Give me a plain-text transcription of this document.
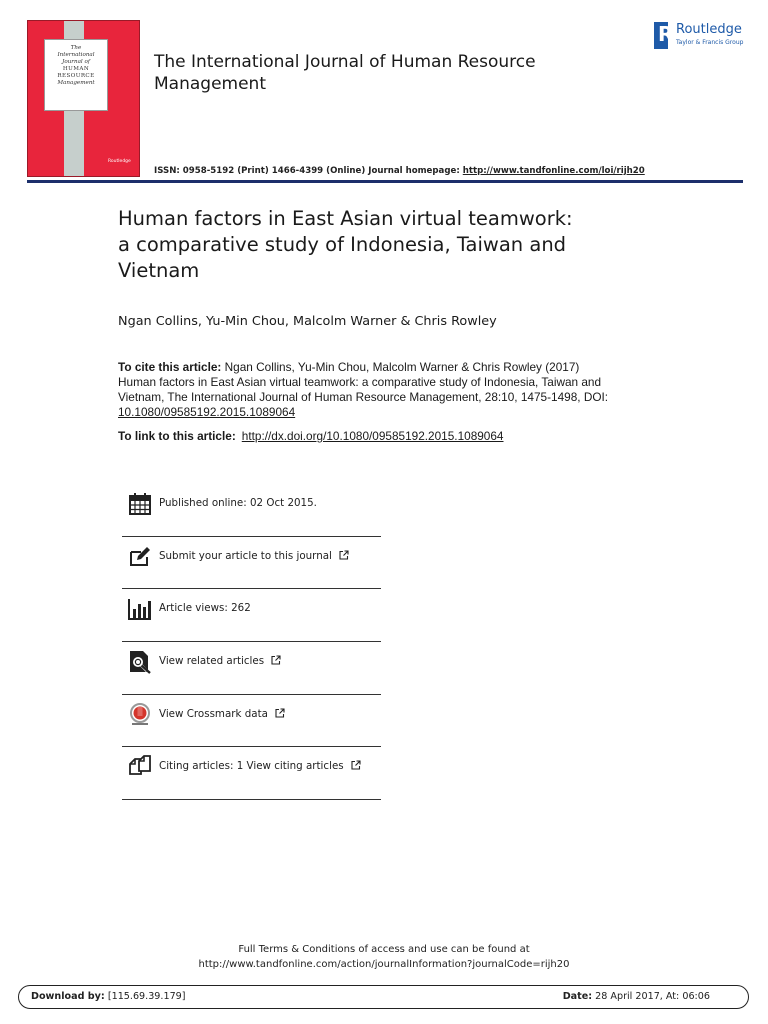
The
International
Journal of
HUMAN
RESOURCE
Management
Routledge
The International Journal of Human Resource
Management
R Routledge
Taylor & Francis Group
ISSN: 0958-5192 (Print) 1466-4399 (Online) Journal homepage: http://www.tandfonline.com/loi/rijh20
Human factors in East Asian virtual teamwork:
a comparative study of Indonesia, Taiwan and
Vietnam
Ngan Collins, Yu-Min Chou, Malcolm Warner & Chris Rowley
To cite this article: Ngan Collins, Yu-Min Chou, Malcolm Warner & Chris Rowley (2017)
Human factors in East Asian virtual teamwork: a comparative study of Indonesia, Taiwan and
Vietnam, The International Journal of Human Resource Management, 28:10, 1475-1498, DOI:
10.1080/09585192.2015.1089064
To link to this article: http://dx.doi.org/10.1080/09585192.2015.1089064
Published online: 02 Oct 2015.
Submit your article to this journal
Article views: 262
View related articles
View Crossmark data
Citing articles: 1 View citing articles
Full Terms & Conditions of access and use can be found at
http://www.tandfonline.com/action/journalInformation?journalCode=rijh20
Download by: [115.69.39.179]	Date: 28 April 2017, At: 06:06
